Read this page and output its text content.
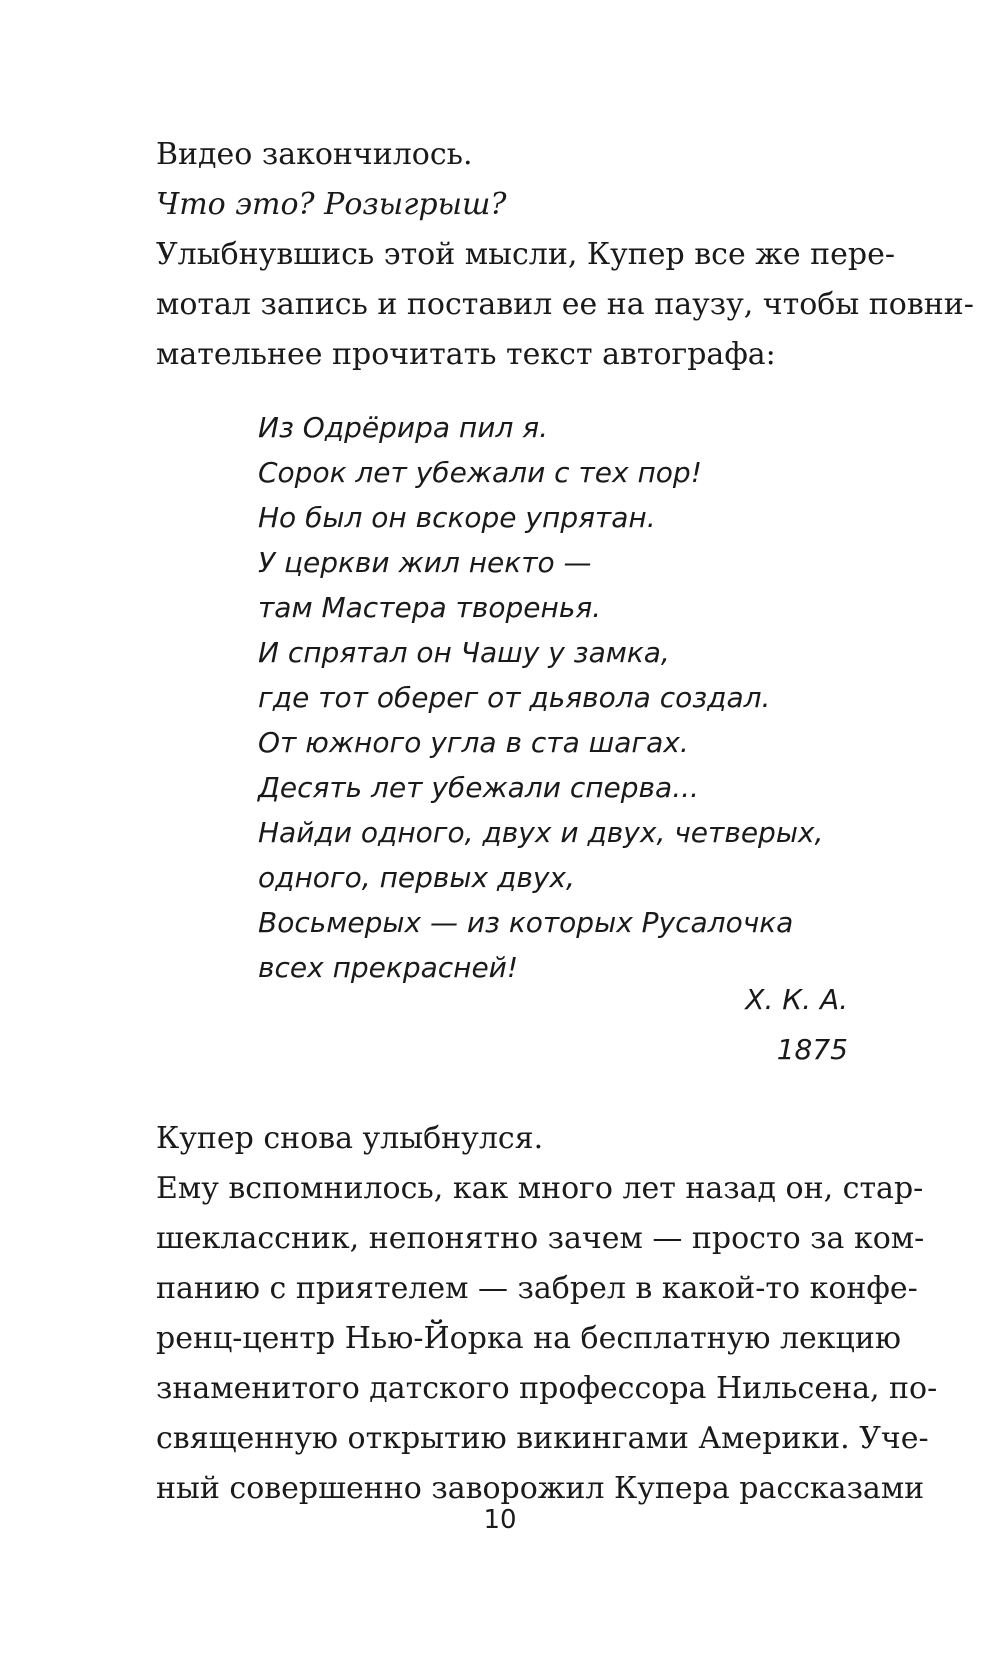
Видео закончилось.

Что это? Розыгрыш?

Улыбнувшись этой мысли, Купер все же пере-
мотал запись и поставил ее на паузу, чтобы повни-
мательнее прочитать текст автографа:

Из Одрёрира пил я.
Сорок лет убежали с тех пор!
Но был он вскоре упрятан.
У церкви жил некто —
там Мастера творенья.
И спрятал он Чашу у замка,
где тот оберег от дьявола создал.
От южного угла в ста шагах.
Десять лет убежали сперва...
Найди одного, двух и двух, четверых,
одного, первых двух,
Восьмерых — из которых Русалочка
всех прекрасней!
Х. К. А.
1875

Купер снова улыбнулся.

Ему вспомнилось, как много лет назад он, стар-
шеклассник, непонятно зачем — просто за ком-
панию с приятелем — забрел в какой-то конфе-
ренц-центр Нью-Йорка на бесплатную лекцию
знаменитого датского профессора Нильсена, по-
священную открытию викингами Америки. Уче-
ный совершенно заворожил Купера рассказами

10
